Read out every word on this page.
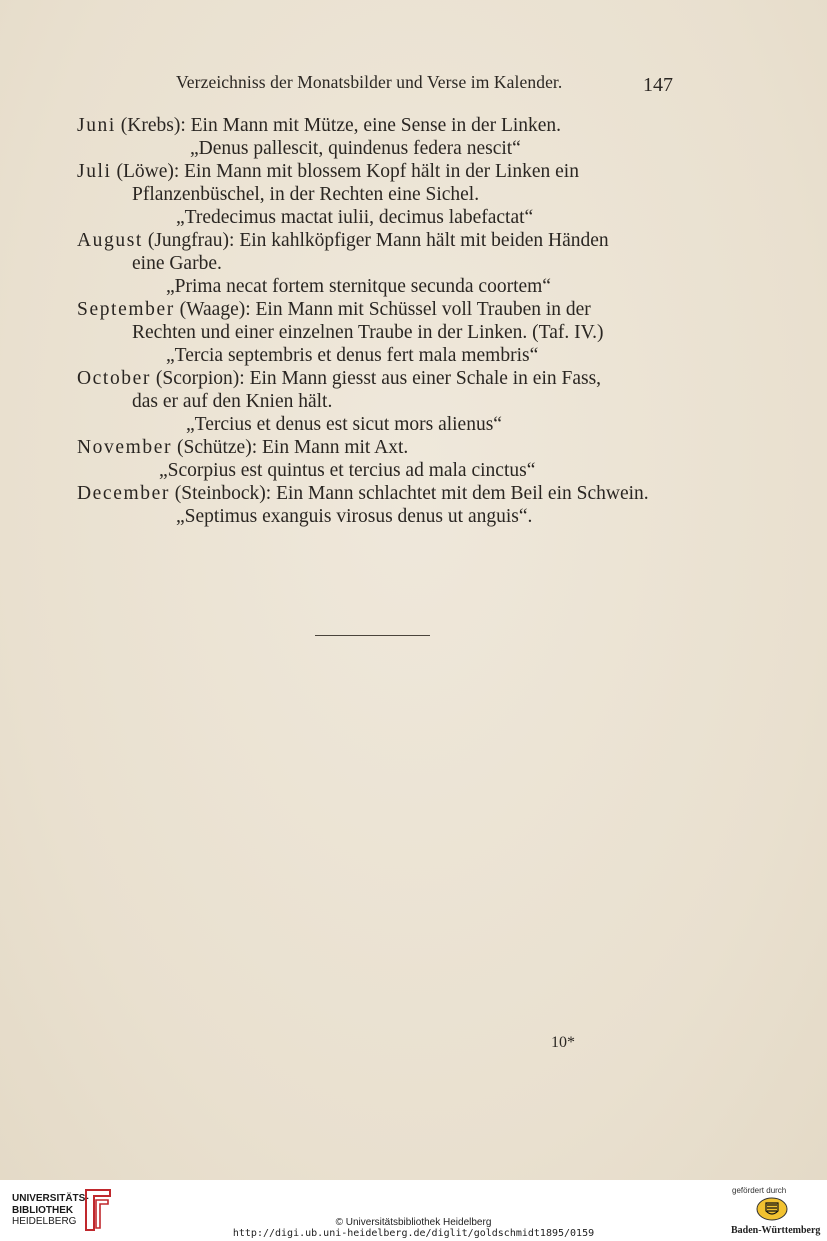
Verzeichniss der Monatsbilder und Verse im Kalender.	147
Juni (Krebs): Ein Mann mit Mütze, eine Sense in der Linken.
„Denus pallescit, quindenus federa nescit“
Juli (Löwe): Ein Mann mit blossem Kopf hält in der Linken ein
Pflanzenbüschel, in der Rechten eine Sichel.
„Tredecimus mactat iulii, decimus labefactat“
August (Jungfrau): Ein kahlköpfiger Mann hält mit beiden Händen
eine Garbe.
„Prima necat fortem sternitque secunda coortem“
September (Waage): Ein Mann mit Schüssel voll Trauben in der
Rechten und einer einzelnen Traube in der Linken. (Taf. IV.)
„Tercia septembris et denus fert mala membris“
October (Scorpion): Ein Mann giesst aus einer Schale in ein Fass,
das er auf den Knien hält.
„Tercius et denus est sicut mors alienus“
November (Schütze): Ein Mann mit Axt.
„Scorpius est quintus et tercius ad mala cinctus“
December (Steinbock): Ein Mann schlachtet mit dem Beil ein Schwein.
„Septimus exanguis virosus denus ut anguis“.
10*
UNIVERSITÄTS-
BIBLIOTHEK
HEIDELBERG	© Universitätsbibliothek Heidelberg
http://digi.ub.uni-heidelberg.de/diglit/goldschmidt1895/0159
gefördert durch
Baden-Württemberg
